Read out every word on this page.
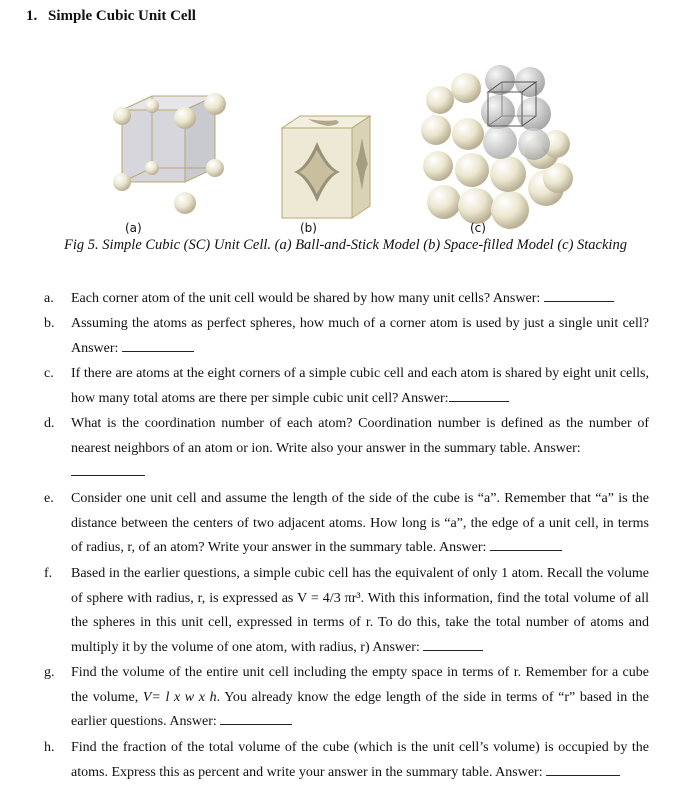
1. Simple Cubic Unit Cell
(a)	(b)	(c)
Fig 5. Simple Cubic (SC) Unit Cell. (a) Ball-and-Stick Model (b) Space-filled Model (c) Stacking
a.	Each corner atom of the unit cell would be shared by how many unit cells? Answer:
b.	Assuming the atoms as perfect spheres, how much of a corner atom is used by just a single unit cell? Answer:
c.	If there are atoms at the eight corners of a simple cubic cell and each atom is shared by eight unit cells, how many total atoms are there per simple cubic unit cell? Answer:
d.	What is the coordination number of each atom? Coordination number is defined as the number of nearest neighbors of an atom or ion. Write also your answer in the summary table. Answer:

e.	Consider one unit cell and assume the length of the side of the cube is “a”. Remember that “a” is the distance between the centers of two adjacent atoms. How long is “a”, the edge of a unit cell, in terms of radius, r, of an atom? Write your answer in the summary table. Answer:
f.	Based in the earlier questions, a simple cubic cell has the equivalent of only 1 atom. Recall the volume of sphere with radius, r, is expressed as V = 4/3 πr³. With this information, find the total volume of all the spheres in this unit cell, expressed in terms of r. To do this, take the total number of atoms and multiply it by the volume of one atom, with radius, r) Answer:
g.	Find the volume of the entire unit cell including the empty space in terms of r. Remember for a cube the volume, V= l x w x h. You already know the edge length of the side in terms of “r” based in the earlier questions. Answer:
h.	Find the fraction of the total volume of the cube (which is the unit cell’s volume) is occupied by the atoms. Express this as percent and write your answer in the summary table. Answer:
